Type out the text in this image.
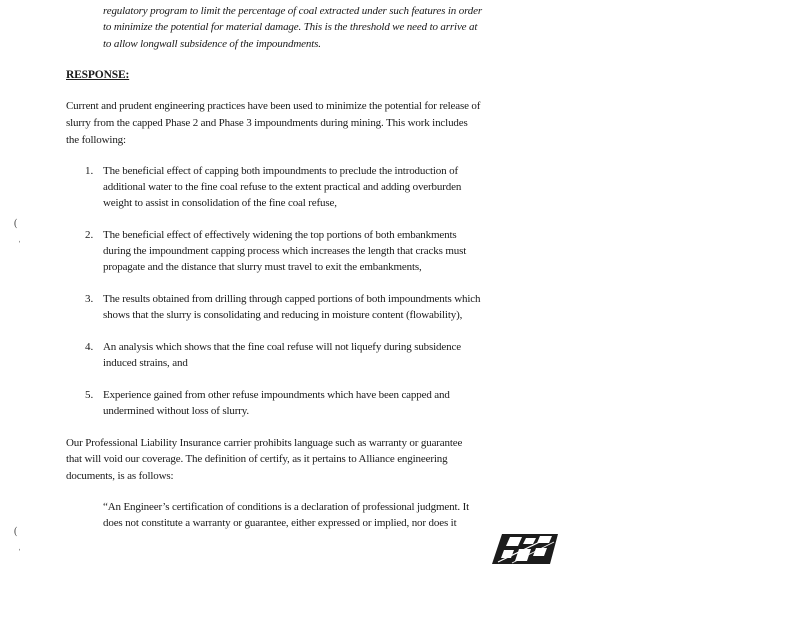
regulatory program to limit the percentage of coal extracted under such features in order
to minimize the potential for material damage. This is the threshold we need to arrive at
to allow longwall subsidence of the impoundments.
RESPONSE:
Current and prudent engineering practices have been used to minimize the potential for release of
slurry from the capped Phase 2 and Phase 3 impoundments during mining. This work includes
the following:
1. The beneficial effect of capping both impoundments to preclude the introduction of
additional water to the fine coal refuse to the extent practical and adding overburden
weight to assist in consolidation of the fine coal refuse,
2. The beneficial effect of effectively widening the top portions of both embankments
during the impoundment capping process which increases the length that cracks must
propagate and the distance that slurry must travel to exit the embankments,
3. The results obtained from drilling through capped portions of both impoundments which
shows that the slurry is consolidating and reducing in moisture content (flowability),
4. An analysis which shows that the fine coal refuse will not liquefy during subsidence
induced strains, and
5. Experience gained from other refuse impoundments which have been capped and
undermined without loss of slurry.
Our Professional Liability Insurance carrier prohibits language such as warranty or guarantee
that will void our coverage. The definition of certify, as it pertains to Alliance engineering
documents, is as follows:
“An Engineer’s certification of conditions is a declaration of professional judgment. It
does not constitute a warranty or guarantee, either expressed or implied, nor does it
(
ˌ
(
ˌ
